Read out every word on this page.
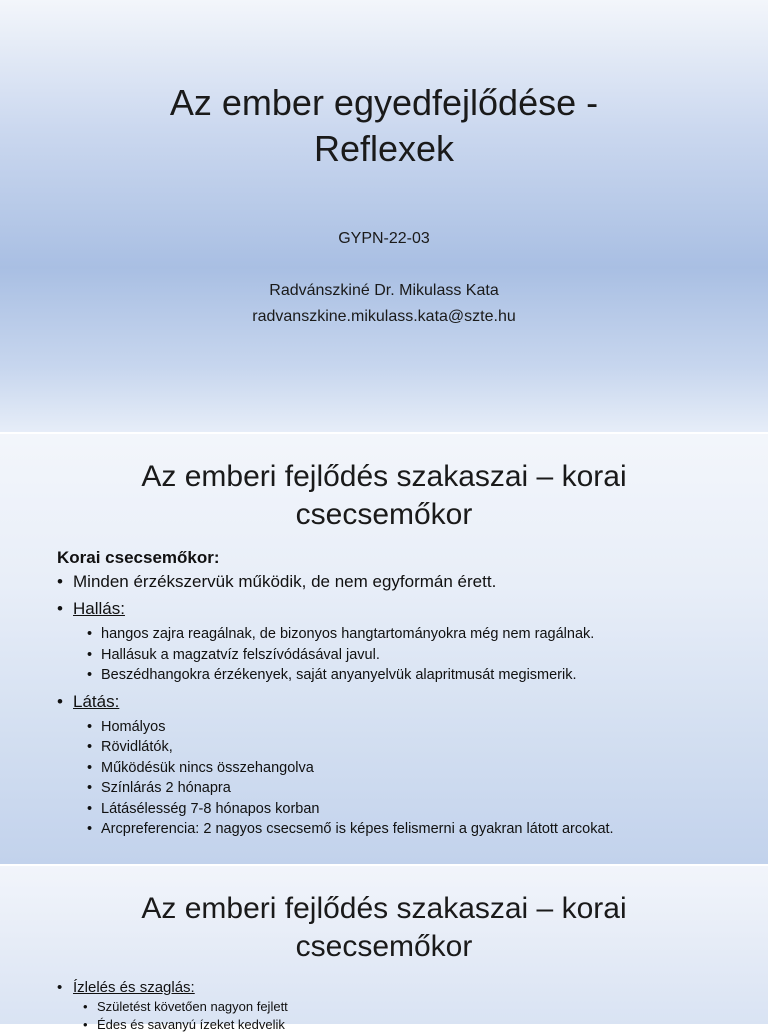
Az ember egyedfejlődése -
Reflexek
GYPN-22-03
Radvánszkiné Dr. Mikulass Kata
radvanszkine.mikulass.kata@szte.hu
Az emberi fejlődés szakaszai – korai
csecsemőkor
Korai csecsemőkor:
• Minden érzékszervük működik, de nem egyformán érett.
• Hallás:
• hangos zajra reagálnak, de bizonyos hangtartományokra még nem ragálnak.
• Hallásuk a magzatvíz felszívódásával javul.
• Beszédhangokra érzékenyek, saját anyanyelvük alapritmusát megismerik.
• Látás:
• Homályos
• Rövidlátók,
• Működésük nincs összehangolva
• Színlárás 2 hónapra
• Látásélesség 7-8 hónapos korban
• Arcpreferencia: 2 nagyos csecsemő is képes felismerni a gyakran látott arcokat.
Az emberi fejlődés szakaszai – korai
csecsemőkor
• Ízlelés és szaglás:
• Születést követően nagyon fejlett
• Édes és savanyú ízeket kedvelik
